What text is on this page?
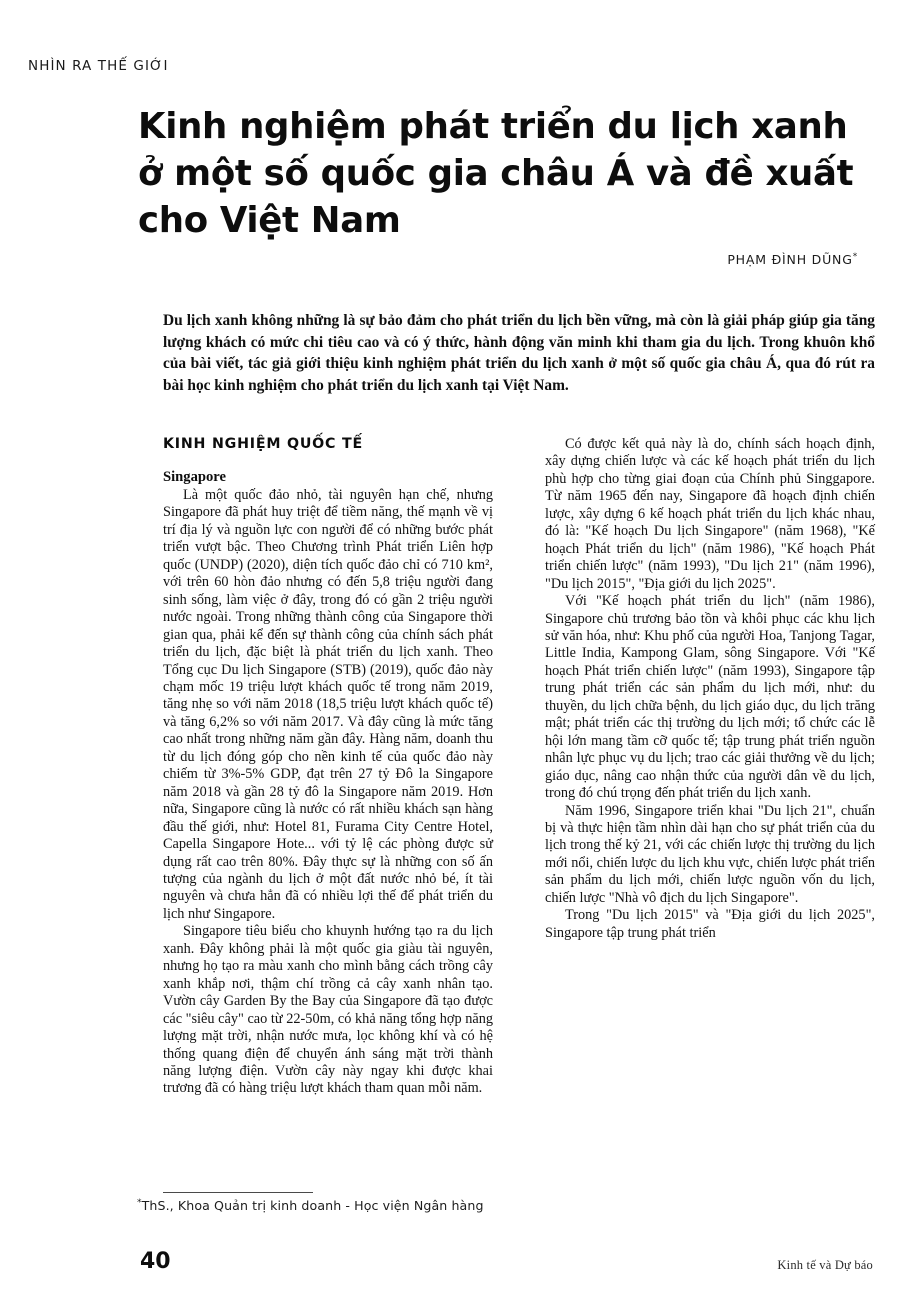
NHÌN RA THẾ GIỚI
Kinh nghiệm phát triển du lịch xanh
ở một số quốc gia châu Á và đề xuất
cho Việt Nam
PHẠM ĐÌNH DŨNG*
Du lịch xanh không những là sự bảo đảm cho phát triển du lịch bền vững, mà còn là giải pháp giúp gia tăng lượng khách có mức chi tiêu cao và có ý thức, hành động văn minh khi tham gia du lịch. Trong khuôn khổ của bài viết, tác giả giới thiệu kinh nghiệm phát triển du lịch xanh ở một số quốc gia châu Á, qua đó rút ra bài học kinh nghiệm cho phát triển du lịch xanh tại Việt Nam.
KINH NGHIỆM QUỐC TẾ
Singapore

Là một quốc đảo nhỏ, tài nguyên hạn chế, nhưng Singapore đã phát huy triệt để tiềm năng, thế mạnh về vị trí địa lý và nguồn lực con người để có những bước phát triển vượt bậc. Theo Chương trình Phát triển Liên hợp quốc (UNDP) (2020), diện tích quốc đảo chỉ có 710 km², với trên 60 hòn đảo nhưng có đến 5,8 triệu người đang sinh sống, làm việc ở đây, trong đó có gần 2 triệu người nước ngoài. Trong những thành công của Singapore thời gian qua, phải kể đến sự thành công của chính sách phát triển du lịch, đặc biệt là phát triển du lịch xanh. Theo Tổng cục Du lịch Singapore (STB) (2019), quốc đảo này chạm mốc 19 triệu lượt khách quốc tế trong năm 2019, tăng nhẹ so với năm 2018 (18,5 triệu lượt khách quốc tế) và tăng 6,2% so với năm 2017. Và đây cũng là mức tăng cao nhất trong những năm gần đây. Hàng năm, doanh thu từ du lịch đóng góp cho nền kinh tế của quốc đảo này chiếm từ 3%-5% GDP, đạt trên 27 tỷ Đô la Singapore năm 2018 và gần 28 tỷ đô la Singapore năm 2019. Hơn nữa, Singapore cũng là nước có rất nhiều khách sạn hàng đầu thế giới, như: Hotel 81, Furama City Centre Hotel, Capella Singapore Hote... với tỷ lệ các phòng được sử dụng rất cao trên 80%. Đây thực sự là những con số ấn tượng của ngành du lịch ở một đất nước nhỏ bé, ít tài nguyên và chưa hẳn đã có nhiều lợi thế để phát triển du lịch như Singapore.

Singapore tiêu biểu cho khuynh hướng tạo ra du lịch xanh. Đây không phải là một quốc gia giàu tài nguyên, nhưng họ tạo ra màu xanh cho mình bằng cách trồng cây xanh khắp nơi, thậm chí trồng cả cây xanh nhân tạo. Vườn cây Garden By the Bay của Singapore đã tạo được các "siêu cây" cao từ 22-50m, có khả năng tổng hợp năng lượng mặt trời, nhận nước mưa, lọc không khí và có hệ thống quang điện để chuyển ánh sáng mặt trời thành năng lượng điện. Vườn cây này ngay khi được khai trương đã có hàng triệu lượt khách tham quan mỗi năm.

Có được kết quả này là do, chính sách hoạch định, xây dựng chiến lược và các kế hoạch phát triển du lịch phù hợp cho từng giai đoạn của Chính phủ Singgapore. Từ năm 1965 đến nay, Singapore đã hoạch định chiến lược, xây dựng 6 kế hoạch phát triển du lịch khác nhau, đó là: "Kế hoạch Du lịch Singapore" (năm 1968), "Kế hoạch Phát triển du lịch" (năm 1986), "Kế hoạch Phát triển chiến lược" (năm 1993), "Du lịch 21" (năm 1996), "Du lịch 2015", "Địa giới du lịch 2025".

Với "Kế hoạch phát triển du lịch" (năm 1986), Singapore chủ trương bảo tồn và khôi phục các khu lịch sử văn hóa, như: Khu phố của người Hoa, Tanjong Tagar, Little India, Kampong Glam, sông Singapore. Với "Kế hoạch Phát triển chiến lược" (năm 1993), Singapore tập trung phát triển các sản phẩm du lịch mới, như: du thuyền, du lịch chữa bệnh, du lịch giáo dục, du lịch trăng mật; phát triển các thị trường du lịch mới; tổ chức các lễ hội lớn mang tầm cỡ quốc tế; tập trung phát triển nguồn nhân lực phục vụ du lịch; trao các giải thưởng về du lịch; giáo dục, nâng cao nhận thức của người dân về du lịch, trong đó chú trọng đến phát triển du lịch xanh.

Năm 1996, Singapore triển khai "Du lịch 21", chuẩn bị và thực hiện tầm nhìn dài hạn cho sự phát triển của du lịch trong thế kỷ 21, với các chiến lược thị trường du lịch mới nổi, chiến lược du lịch khu vực, chiến lược phát triển sản phẩm du lịch mới, chiến lược nguồn vốn du lịch, chiến lược "Nhà vô địch du lịch Singapore".

Trong "Du lịch 2015" và "Địa giới du lịch 2025", Singapore tập trung phát triển

*ThS., Khoa Quản trị kinh doanh - Học viện Ngân hàng
40	Kinh tế và Dự báo
